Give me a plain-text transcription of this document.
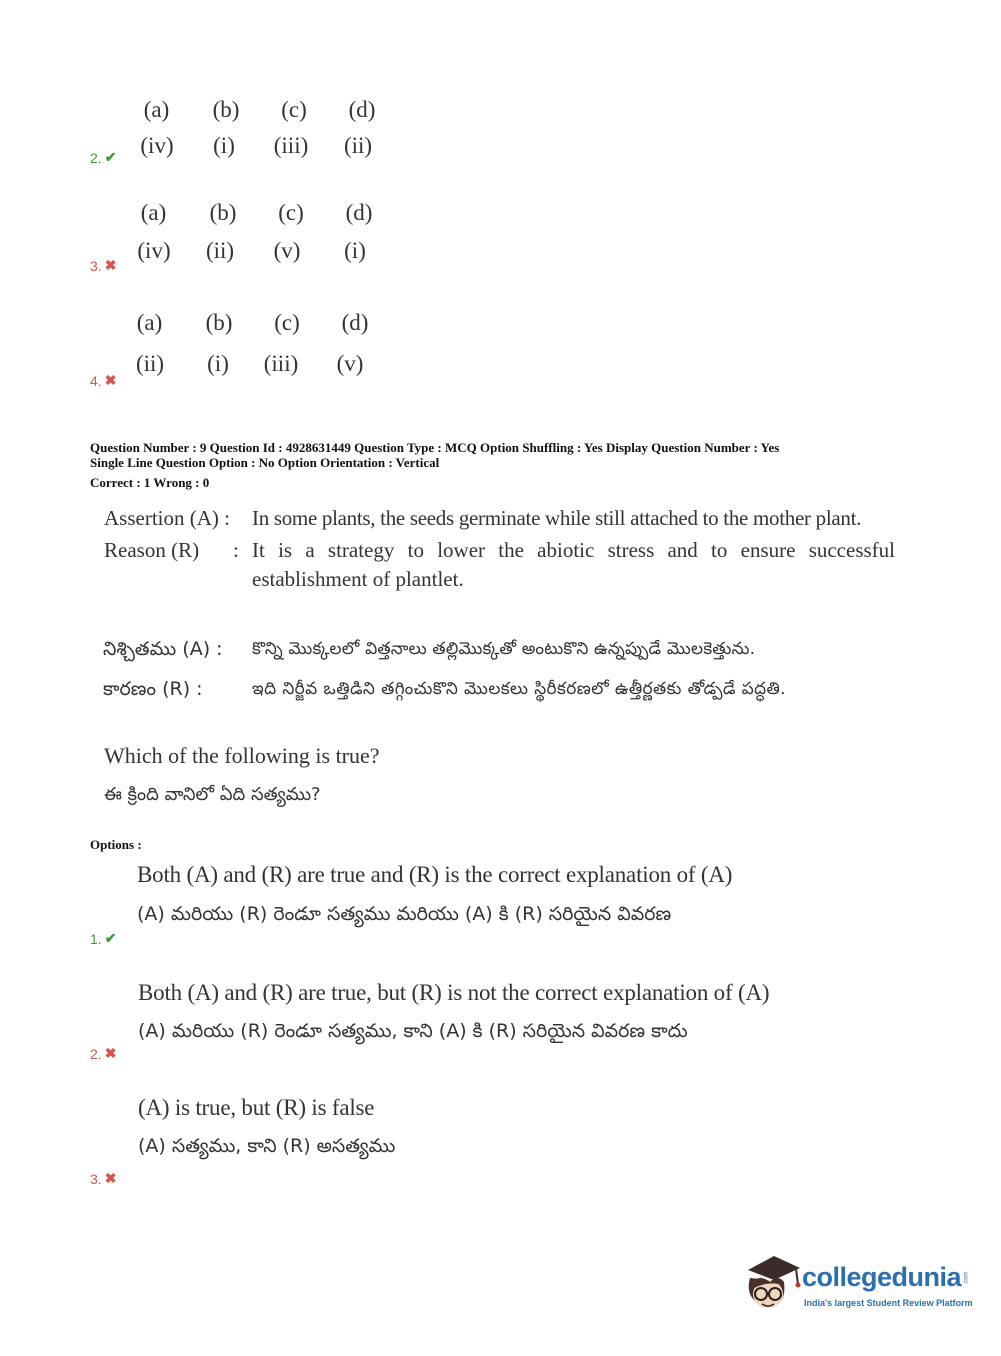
(a) (b) (c) (d)
(iv) (i) (iii) (ii)
2. ✔
(a) (b) (c) (d)
(iv) (ii) (v) (i)
3. ✖
(a) (b) (c) (d)
(ii) (i) (iii) (v)
4. ✖
Question Number : 9 Question Id : 4928631449 Question Type : MCQ Option Shuffling : Yes Display Question Number : Yes
Single Line Question Option : No Option Orientation : Vertical
Correct : 1 Wrong : 0
Assertion (A) : In some plants, the seeds germinate while still attached to the mother plant.
Reason (R) : It is a strategy to lower the abiotic stress and to ensure successful establishment of plantlet.
నిశ్చితము (A) : కొన్ని మొక్కలలో విత్తనాలు తల్లిమొక్కతో అంటుకొని ఉన్నప్పుడే మొలకెత్తును.
కారణం (R) :	ఇది నిర్జీవ ఒత్తిడిని తగ్గించుకొని మొలకలు స్థిరీకరణలో ఉత్తీర్ణతకు తోడ్పడే పద్ధతి.
Which of the following is true?
ఈ క్రింది వానిలో ఏది సత్యము?
Options :
Both (A) and (R) are true and (R) is the correct explanation of (A)
(A) మరియు (R) రెండూ సత్యము మరియు (A) కి (R) సరియైన వివరణ
1. ✔
Both (A) and (R) are true, but (R) is not the correct explanation of (A)
(A) మరియు (R) రెండూ సత్యము, కాని (A) కి (R) సరియైన వివరణ కాదు
2. ✖
(A) is true, but (R) is false
(A) సత్యము, కాని (R) అసత్యము
3. ✖
collegedunia .com
India's largest Student Review Platform
